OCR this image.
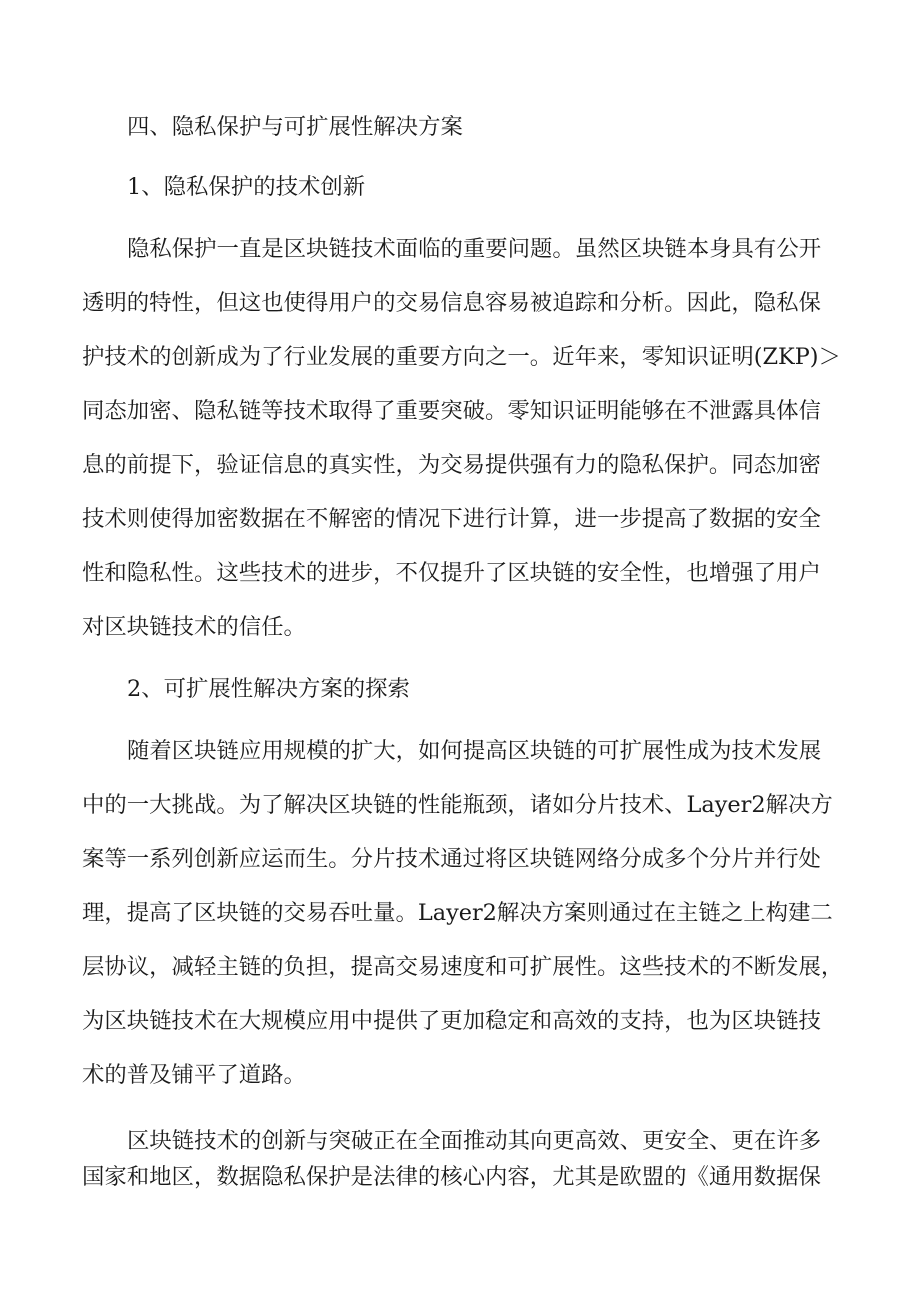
四、隐私保护与可扩展性解决方案
1、隐私保护的技术创新
隐私保护一直是区块链技术面临的重要问题。虽然区块链本身具有公开
透明的特性，但这也使得用户的交易信息容易被追踪和分析。因此，隐私保
护技术的创新成为了行业发展的重要方向之一。近年来，零知识证明(ZKP)＞
同态加密、隐私链等技术取得了重要突破。零知识证明能够在不泄露具体信
息的前提下，验证信息的真实性，为交易提供强有力的隐私保护。同态加密
技术则使得加密数据在不解密的情况下进行计算，进一步提高了数据的安全
性和隐私性。这些技术的进步，不仅提升了区块链的安全性，也增强了用户
对区块链技术的信任。
2、可扩展性解决方案的探索
随着区块链应用规模的扩大，如何提高区块链的可扩展性成为技术发展
中的一大挑战。为了解决区块链的性能瓶颈，诸如分片技术、Layer2解决方
案等一系列创新应运而生。分片技术通过将区块链网络分成多个分片并行处
理，提高了区块链的交易吞吐量。Layer2解决方案则通过在主链之上构建二
层协议，减轻主链的负担，提高交易速度和可扩展性。这些技术的不断发展，
为区块链技术在大规模应用中提供了更加稳定和高效的支持，也为区块链技
术的普及铺平了道路。
区块链技术的创新与突破正在全面推动其向更高效、更安全、更在许多
国家和地区，数据隐私保护是法律的核心内容，尤其是欧盟的《通用数据保
